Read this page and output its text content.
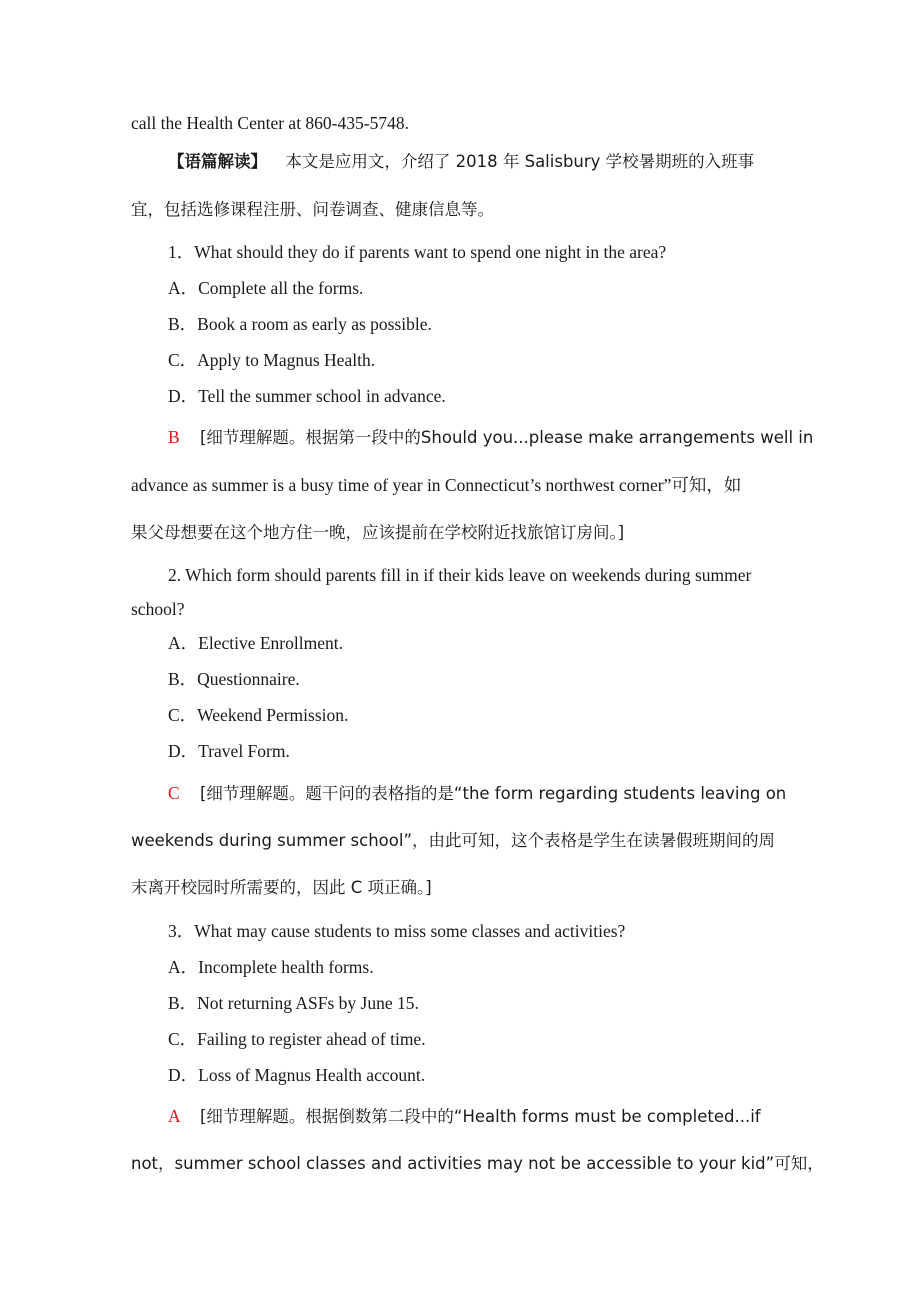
call the Health Center at 860-435-5748.
【语篇解读】 本文是应用文，介绍了 2018 年 Salisbury 学校暑期班的入班事
宜，包括选修课程注册、问卷调查、健康信息等。
1．What should they do if parents want to spend one night in the area?
A．Complete all the forms.
B．Book a room as early as possible.
C．Apply to Magnus Health.
D．Tell the summer school in advance.
B [细节理解题。根据第一段中的Should you...please make arrangements well in
advance as summer is a busy time of year in Connecticut’s northwest corner”可知，如
果父母想要在这个地方住一晚，应该提前在学校附近找旅馆订房间。]
2. Which form should parents fill in if their kids leave on weekends during summer
school?
A．Elective Enrollment.
B．Questionnaire.
C．Weekend Permission.
D．Travel Form.
C [细节理解题。题干问的表格指的是“the form regarding students leaving on
weekends during summer school”，由此可知，这个表格是学生在读暑假班期间的周
末离开校园时所需要的，因此 C 项正确。]
3．What may cause students to miss some classes and activities?
A．Incomplete health forms.
B．Not returning ASFs by June 15.
C．Failing to register ahead of time.
D．Loss of Magnus Health account.
A [细节理解题。根据倒数第二段中的“Health forms must be completed...if
not，summer school classes and activities may not be accessible to your kid”可知，
